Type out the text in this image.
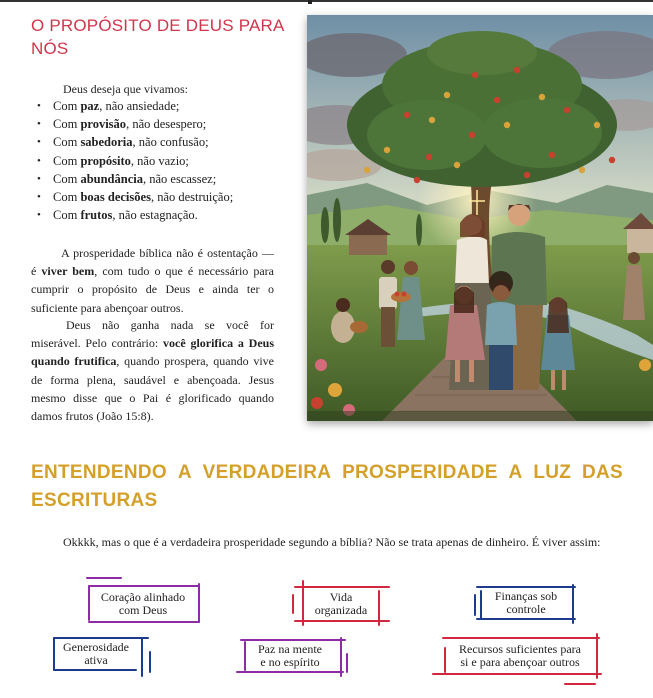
O PROPÓSITO DE DEUS PARA NÓS
Deus deseja que vivamos:
• Com paz, não ansiedade;
• Com provisão, não desespero;
• Com sabedoria, não confusão;
• Com propósito, não vazio;
• Com abundância, não escassez;
• Com boas decisões, não destruição;
• Com frutos, não estagnação.

A prosperidade bíblica não é ostentação — é viver bem, com tudo o que é necessário para cumprir o propósito de Deus e ainda ter o suficiente para abençoar outros.

Deus não ganha nada se você for miserável. Pelo contrário: você glorifica a Deus quando frutifica, quando prospera, quando vive de forma plena, saudável e abençoada. Jesus mesmo disse que o Pai é glorificado quando damos frutos (João 15:8).

ENTENDENDO A VERDADEIRA PROSPERIDADE A LUZ DAS
ESCRITURAS

Okkkk, mas o que é a verdadeira prosperidade segundo a bíblia? Não se trata apenas de dinheiro. É viver assim:

Coração alinhado
com Deus
Vida
organizada
Finanças sob
controle
Generosidade
ativa
Paz na mente
e no espírito
Recursos suficientes para
si e para abençoar outros
